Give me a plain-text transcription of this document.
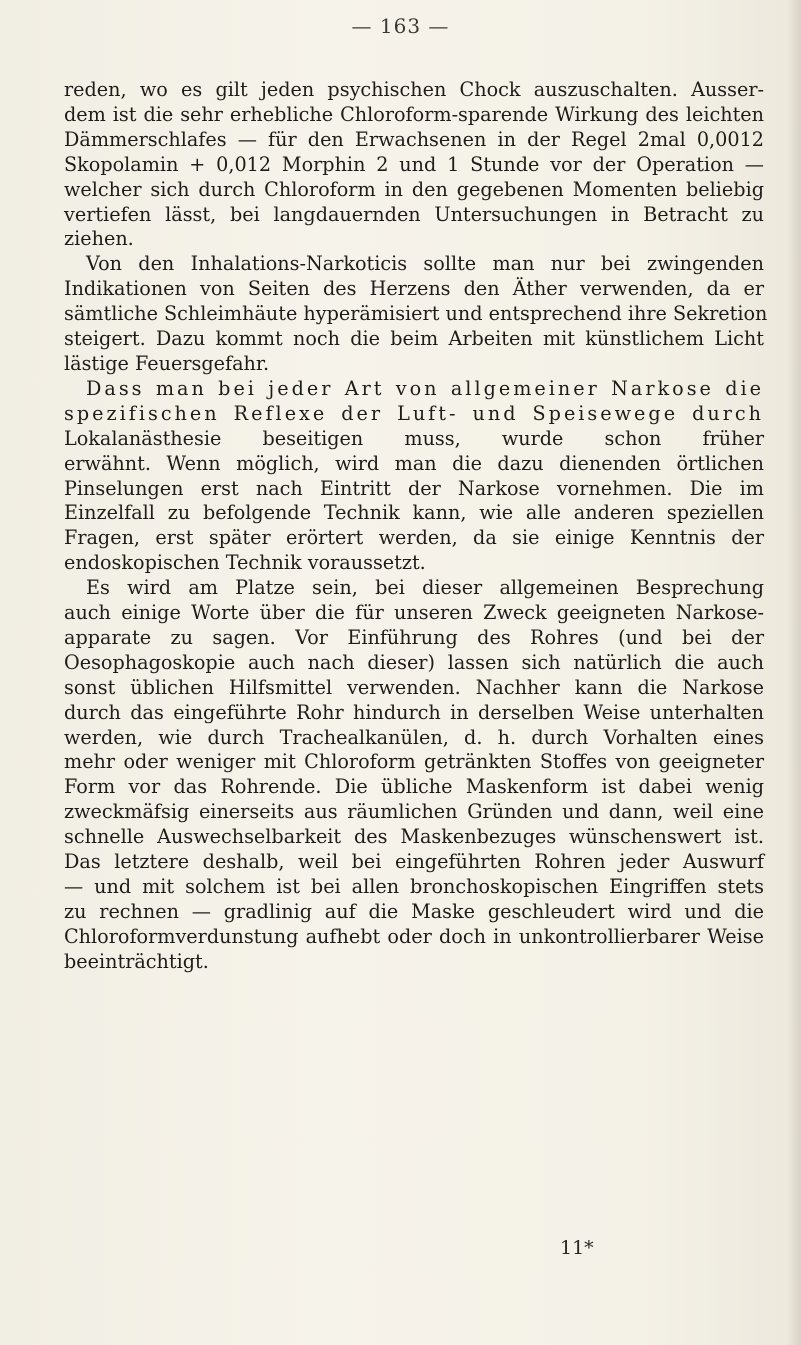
— 163 —
reden, wo es gilt jeden psychischen Chock auszuschalten. Ausser-
dem ist die sehr erhebliche Chloroform-sparende Wirkung des leichten
Dämmerschlafes — für den Erwachsenen in der Regel 2mal 0,0012
Skopolamin + 0,012 Morphin 2 und 1 Stunde vor der Operation —
welcher sich durch Chloroform in den gegebenen Momenten beliebig
vertiefen lässt, bei langdauernden Untersuchungen in Betracht zu
ziehen.
Von den Inhalations-Narkoticis sollte man nur bei zwingenden
Indikationen von Seiten des Herzens den Äther verwenden, da er
sämtliche Schleimhäute hyperämisiert und entsprechend ihre Sekretion
steigert. Dazu kommt noch die beim Arbeiten mit künstlichem Licht
lästige Feuersgefahr.
Dass man bei jeder Art von allgemeiner Narkose die
spezifischen Reflexe der Luft- und Speisewege durch
Lokalanästhesie beseitigen muss, wurde schon früher
erwähnt. Wenn möglich, wird man die dazu dienenden örtlichen
Pinselungen erst nach Eintritt der Narkose vornehmen. Die im
Einzelfall zu befolgende Technik kann, wie alle anderen speziellen
Fragen, erst später erörtert werden, da sie einige Kenntnis der
endoskopischen Technik voraussetzt.
Es wird am Platze sein, bei dieser allgemeinen Besprechung
auch einige Worte über die für unseren Zweck geeigneten Narkose-
apparate zu sagen. Vor Einführung des Rohres (und bei der
Oesophagoskopie auch nach dieser) lassen sich natürlich die auch
sonst üblichen Hilfsmittel verwenden. Nachher kann die Narkose
durch das eingeführte Rohr hindurch in derselben Weise unterhalten
werden, wie durch Trachealkanülen, d. h. durch Vorhalten eines
mehr oder weniger mit Chloroform getränkten Stoffes von geeigneter
Form vor das Rohrende. Die übliche Maskenform ist dabei wenig
zweckmäfsig einerseits aus räumlichen Gründen und dann, weil eine
schnelle Auswechselbarkeit des Maskenbezuges wünschenswert ist.
Das letztere deshalb, weil bei eingeführten Rohren jeder Auswurf
— und mit solchem ist bei allen bronchoskopischen Eingriffen stets
zu rechnen — gradlinig auf die Maske geschleudert wird und die
Chloroformverdunstung aufhebt oder doch in unkontrollierbarer Weise
beeinträchtigt.
11*
